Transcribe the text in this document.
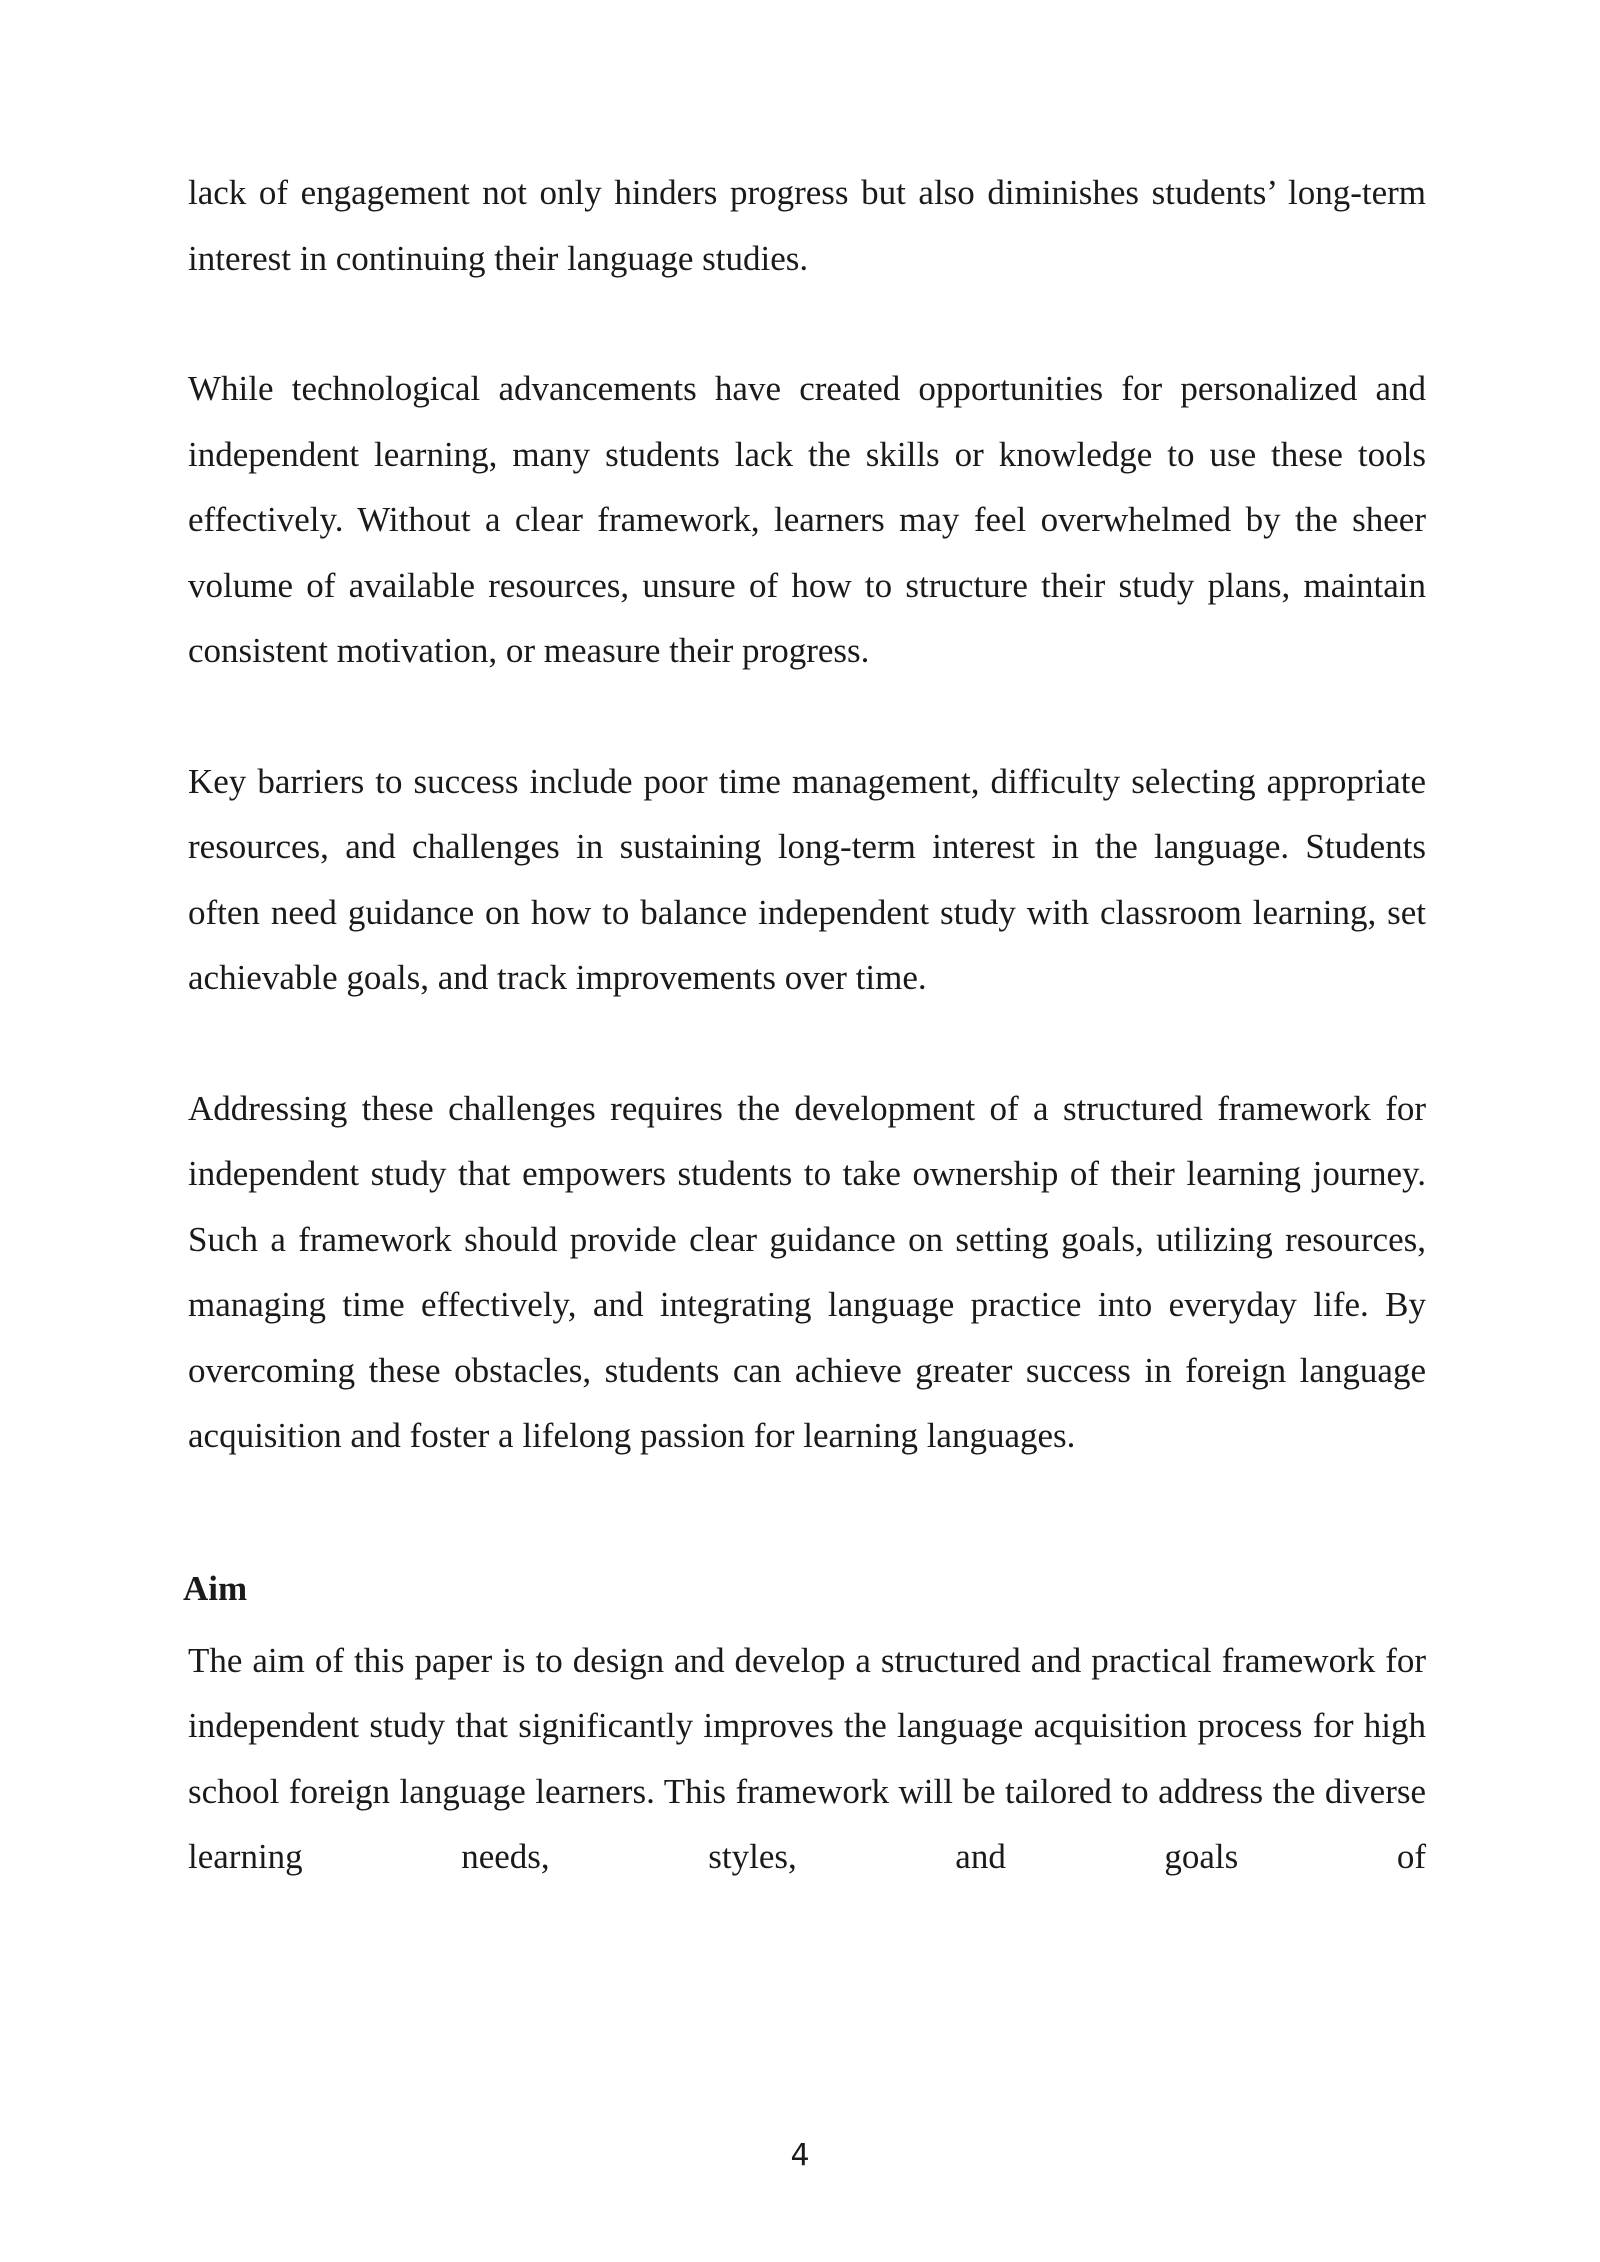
lack of engagement not only hinders progress but also diminishes students’ long-term interest in continuing their language studies.

While technological advancements have created opportunities for personalized and independent learning, many students lack the skills or knowledge to use these tools effectively. Without a clear framework, learners may feel overwhelmed by the sheer volume of available resources, unsure of how to structure their study plans, maintain consistent motivation, or measure their progress.

Key barriers to success include poor time management, difficulty selecting appropriate resources, and challenges in sustaining long-term interest in the language. Students often need guidance on how to balance independent study with classroom learning, set achievable goals, and track improvements over time.

Addressing these challenges requires the development of a structured framework for independent study that empowers students to take ownership of their learning journey. Such a framework should provide clear guidance on setting goals, utilizing resources, managing time effectively, and integrating language practice into everyday life. By overcoming these obstacles, students can achieve greater success in foreign language acquisition and foster a lifelong passion for learning languages.

Aim

The aim of this paper is to design and develop a structured and practical framework for independent study that significantly improves the language acquisition process for high school foreign language learners. This framework will be tailored to address the diverse learning needs, styles, and goals of

4
